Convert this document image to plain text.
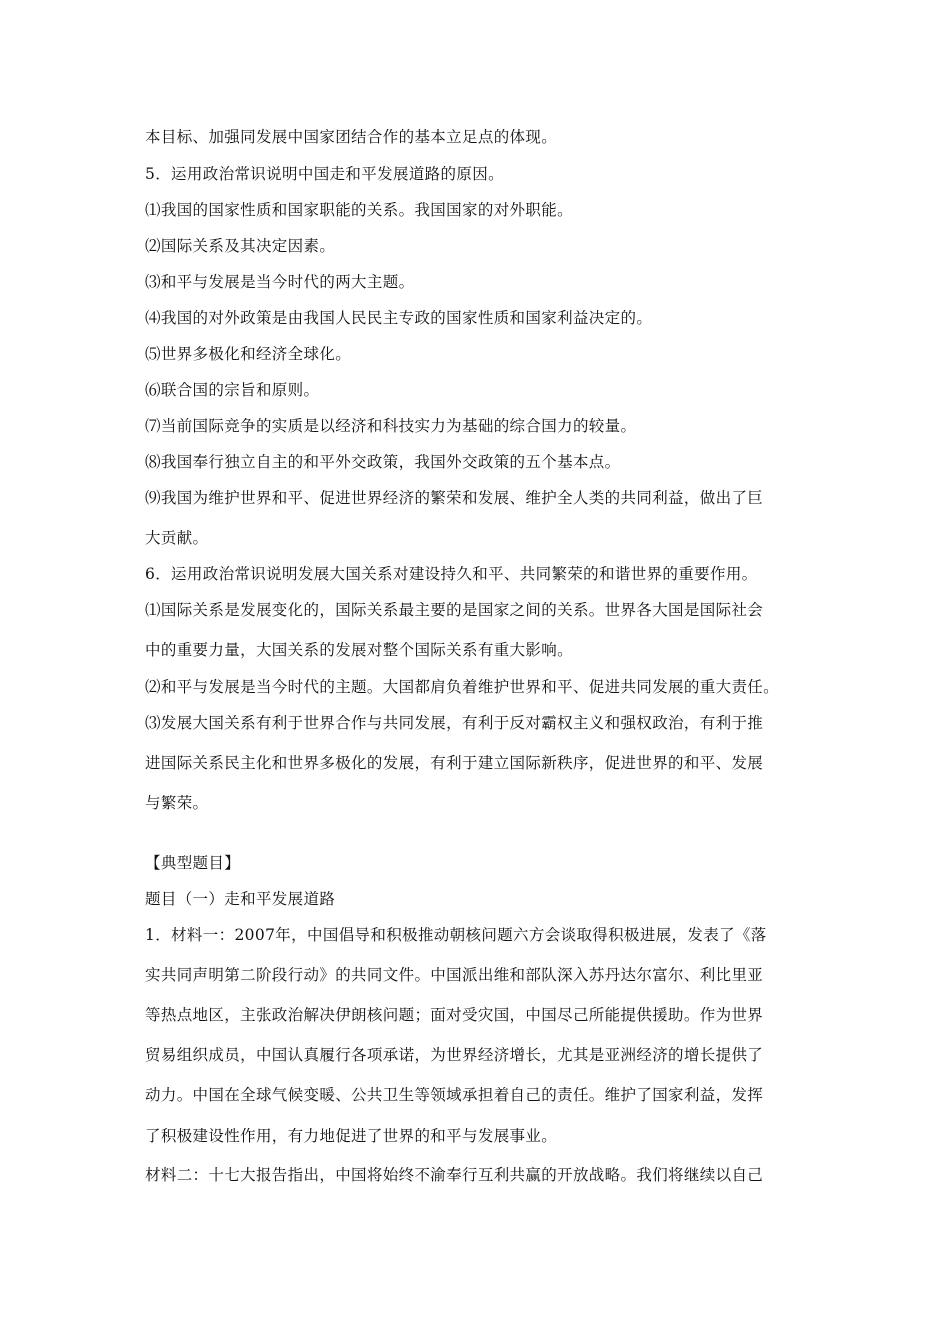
本目标、加强同发展中国家团结合作的基本立足点的体现。
5．运用政治常识说明中国走和平发展道路的原因。
⑴我国的国家性质和国家职能的关系。我国国家的对外职能。
⑵国际关系及其决定因素。
⑶和平与发展是当今时代的两大主题。
⑷我国的对外政策是由我国人民民主专政的国家性质和国家利益决定的。
⑸世界多极化和经济全球化。
⑹联合国的宗旨和原则。
⑺当前国际竞争的实质是以经济和科技实力为基础的综合国力的较量。
⑻我国奉行独立自主的和平外交政策，我国外交政策的五个基本点。
⑼我国为维护世界和平、促进世界经济的繁荣和发展、维护全人类的共同利益，做出了巨
大贡献。
6．运用政治常识说明发展大国关系对建设持久和平、共同繁荣的和谐世界的重要作用。
⑴国际关系是发展变化的，国际关系最主要的是国家之间的关系。世界各大国是国际社会
中的重要力量，大国关系的发展对整个国际关系有重大影响。
⑵和平与发展是当今时代的主题。大国都肩负着维护世界和平、促进共同发展的重大责任。
⑶发展大国关系有利于世界合作与共同发展，有利于反对霸权主义和强权政治，有利于推
进国际关系民主化和世界多极化的发展，有利于建立国际新秩序，促进世界的和平、发展
与繁荣。
【典型题目】
题目（一）走和平发展道路
1．材料一：2007年，中国倡导和积极推动朝核问题六方会谈取得积极进展，发表了《落
实共同声明第二阶段行动》的共同文件。中国派出维和部队深入苏丹达尔富尔、利比里亚
等热点地区，主张政治解决伊朗核问题；面对受灾国，中国尽己所能提供援助。作为世界
贸易组织成员，中国认真履行各项承诺，为世界经济增长，尤其是亚洲经济的增长提供了
动力。中国在全球气候变暖、公共卫生等领域承担着自己的责任。维护了国家利益，发挥
了积极建设性作用，有力地促进了世界的和平与发展事业。
材料二：十七大报告指出，中国将始终不渝奉行互利共赢的开放战略。我们将继续以自己
